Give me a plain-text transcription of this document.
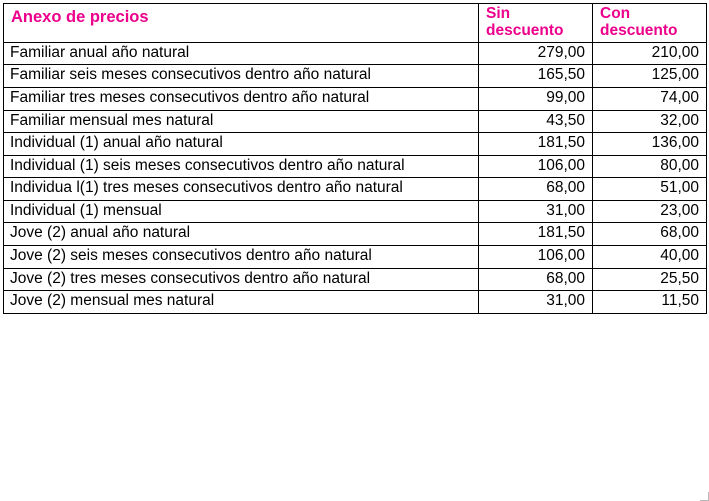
Anexo de precios	Sin descuento	Con descuento
Familiar anual año natural	279,00	210,00
Familiar seis meses consecutivos dentro año natural	165,50	125,00
Familiar tres meses consecutivos dentro año natural	99,00	74,00
Familiar mensual mes natural	43,50	32,00
Individual (1) anual año natural	181,50	136,00
Individual (1) seis meses consecutivos dentro año natural	106,00	80,00
Individua l(1) tres meses consecutivos dentro año natural	68,00	51,00
Individual (1) mensual	31,00	23,00
Jove (2) anual año natural	181,50	68,00
Jove (2) seis meses consecutivos dentro año natural	106,00	40,00
Jove (2) tres meses consecutivos dentro año natural	68,00	25,50
Jove (2) mensual mes natural	31,00	11,50
